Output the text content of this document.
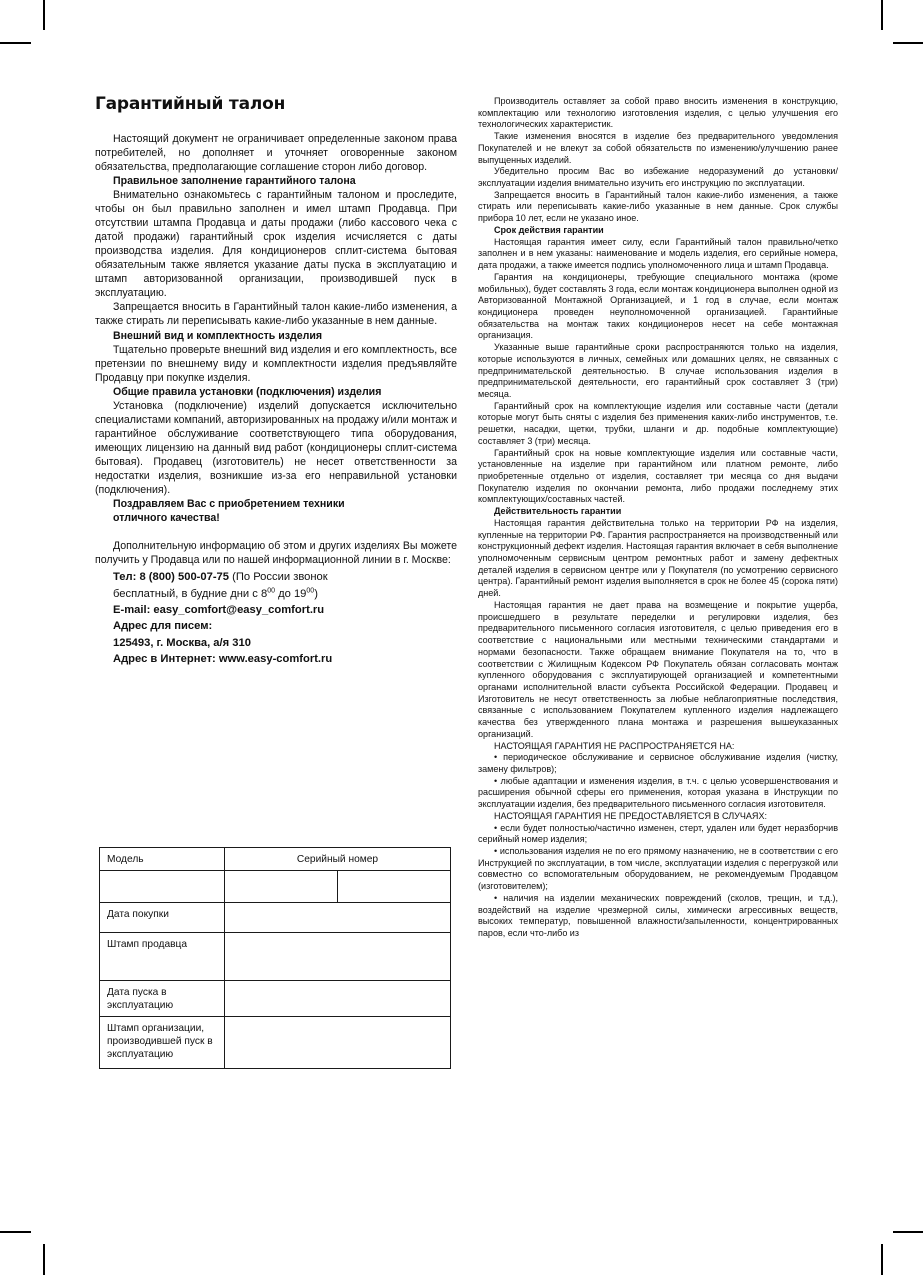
Гарантийный талон

Настоящий документ не ограничивает определенные законом права потребителей, но дополняет и уточняет оговоренные законом обязательства, предполагающие соглашение сторон либо договор.

Правильное заполнение гарантийного талона

Внимательно ознакомьтесь с гарантийным талоном и проследите, чтобы он был правильно заполнен и имел штамп Продавца. При отсутствии штампа Продавца и даты продажи (либо кассового чека с датой продажи) гарантийный срок изделия исчисляется с даты производства изделия. Для кондиционеров сплит-система бытовая обязательным также является указание даты пуска в эксплуатацию и штамп авторизованной организации, производившей пуск в эксплуатацию.

Запрещается вносить в Гарантийный талон какие-либо изменения, а также стирать ли переписывать какие-либо указанные в нем данные.

Внешний вид и комплектность изделия

Тщательно проверьте внешний вид изделия и его комплектность, все претензии по внешнему виду и комплектности изделия предъявляйте Продавцу при покупке изделия.

Общие правила установки (подключения) изделия

Установка (подключение) изделий допускается исключительно специалистами компаний, авторизированных на продажу и/или монтаж и гарантийное обслуживание соответствующего типа оборудования, имеющих лицензию на данный вид работ (кондиционеры сплит-система бытовая). Продавец (изготовитель) не несет ответственности за недостатки изделия, возникшие из-за его неправильной установки (подключения).

Поздравляем Вас с приобретением техники

отличного качества!

Дополнительную информацию об этом и других изделиях Вы можете получить у Продавца или по нашей информационной линии в г. Москве:

Тел: 8 (800) 500-07-75 (По России звонок
бесплатный, в будние дни с $8^{00}$ до $19^{00}$)
E-mail: easy_comfort@easy_comfort.ru
Адрес для писем:
125493, г. Москва, а/я 310
Адрес в Интернет: www.easy-comfort.ru
Модель	Серийный номер	

Дата покупки		
Штамп продавца		
Дата пуска в эксплуатацию		
Штамп организации, производившей пуск в эксплуатацию		

Производитель оставляет за собой право вносить изменения в конструкцию, комплектацию или технологию изготовления изделия, с целью улучшения его технологических характеристик.

Такие изменения вносятся в изделие без предварительного уведомления Покупателей и не влекут за собой обязательств по изменению/улучшению ранее выпущенных изделий.

Убедительно просим Вас во избежание недоразумений до установки/эксплуатации изделия внимательно изучить его инструкцию по эксплуатации.

Запрещается вносить в Гарантийный талон какие-либо изменения, а также стирать или переписывать какие-либо указанные в нем данные. Срок службы прибора 10 лет, если не указано иное.

Срок действия гарантии

Настоящая гарантия имеет силу, если Гарантийный талон правильно/четко заполнен и в нем указаны: наименование и модель изделия, его серийные номера, дата продажи, а также имеется подпись уполномоченного лица и штамп Продавца.

Гарантия на кондиционеры, требующие специального монтажа (кроме мобильных), будет составлять 3 года, если монтаж кондиционера выполнен одной из Авторизованной Монтажной Организацией, и 1 год в случае, если монтаж кондиционера проведен неуполномоченной организацией. Гарантийные обязательства на монтаж таких кондиционеров несет на себе монтажная организация.

Указанные выше гарантийные сроки распространяются только на изделия, которые используются в личных, семейных или домашних целях, не связанных с предпринимательской деятельностью. В случае использования изделия в предпринимательской деятельности, его гарантийный срок составляет 3 (три) месяца.

Гарантийный срок на комплектующие изделия или составные части (детали которые могут быть сняты с изделия без применения каких-либо инструментов, т.е. решетки, насадки, щетки, трубки, шланги и др. подобные комплектующие) составляет 3 (три) месяца.

Гарантийный срок на новые комплектующие изделия или составные части, установленные на изделие при гарантийном или платном ремонте, либо приобретенные отдельно от изделия, составляет три месяца со дня выдачи Покупателю изделия по окончании ремонта, либо продажи последнему этих комплектующих/составных частей.

Действительность гарантии

Настоящая гарантия действительна только на территории РФ на изделия, купленные на территории РФ. Гарантия распространяется на производственный или конструкционный дефект изделия. Настоящая гарантия включает в себя выполнение уполномоченным сервисным центром ремонтных работ и замену дефектных деталей изделия в сервисном центре или у Покупателя (по усмотрению сервисного центра). Гарантийный ремонт изделия выполняется в срок не более 45 (сорока пяти) дней.

Настоящая гарантия не дает права на возмещение и покрытие ущерба, происшедшего в результате переделки и регулировки изделия, без предварительного письменного согласия изготовителя, с целью приведения его в соответствие с национальными или местными техническими стандартами и нормами безопасности. Также обращаем внимание Покупателя на то, что в соответствии с Жилищным Кодексом РФ Покупатель обязан согласовать монтаж купленного оборудования с эксплуатирующей организацией и компетентными органами исполнительной власти субъекта Российской Федерации. Продавец и Изготовитель не несут ответственность за любые неблагоприятные последствия, связанные с использованием Покупателем купленного изделия надлежащего качества без утвержденного плана монтажа и разрешения вышеуказанных организаций.

НАСТОЯЩАЯ ГАРАНТИЯ НЕ РАСПРОСТРАНЯЕТСЯ НА:

• периодическое обслуживание и сервисное обслуживание изделия (чистку, замену фильтров);

• любые адаптации и изменения изделия, в т.ч. с целью усовершенствования и расширения обычной сферы его применения, которая указана в Инструкции по эксплуатации изделия, без предварительного письменного согласия изготовителя.

НАСТОЯЩАЯ ГАРАНТИЯ НЕ ПРЕДОСТАВЛЯЕТСЯ В СЛУЧАЯХ:

• если будет полностью/частично изменен, стерт, удален или будет неразборчив серийный номер изделия;

• использования изделия не по его прямому назначению, не в соответствии с его Инструкцией по эксплуатации, в том числе, эксплуатации изделия с перегрузкой или совместно со вспомогательным оборудованием, не рекомендуемым Продавцом (изготовителем);

• наличия на изделии механических повреждений (сколов, трещин, и т.д.), воздействий на изделие чрезмерной силы, химически агрессивных веществ, высоких температур, повышенной влажности/запыленности, концентрированных паров, если что-либо из
